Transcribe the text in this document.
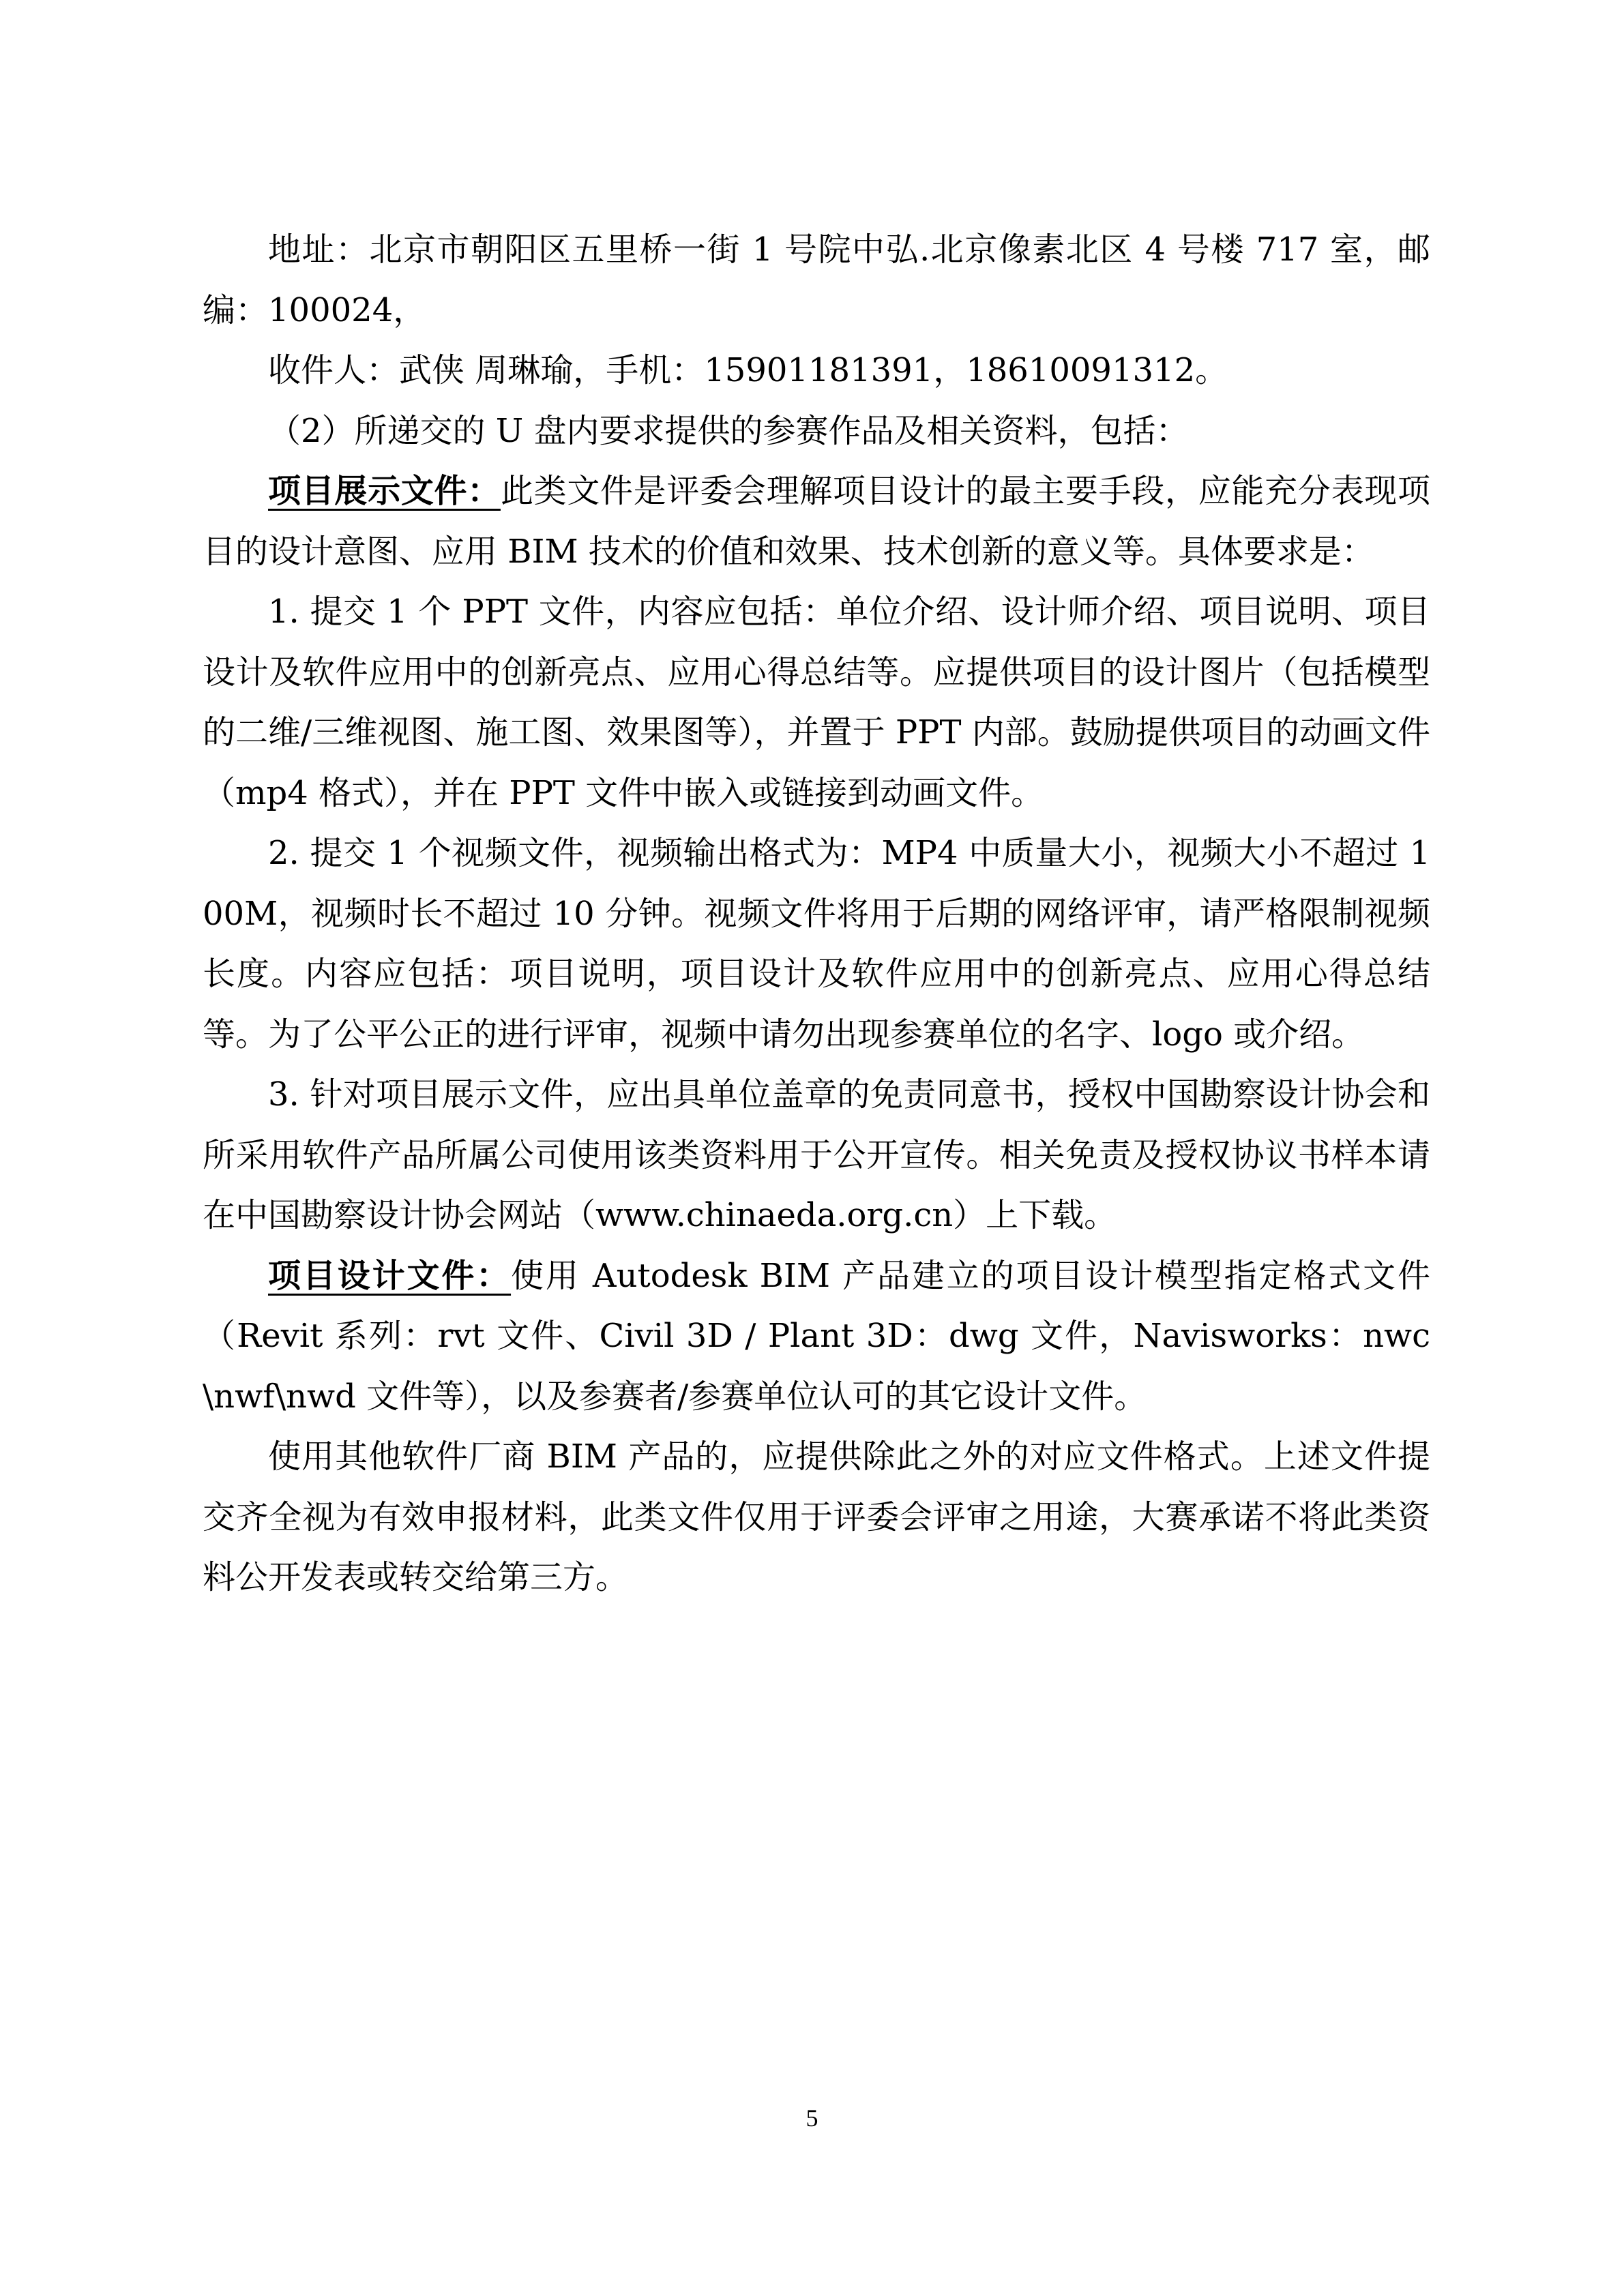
地址：北京市朝阳区五里桥一街 1 号院中弘.北京像素北区 4 号楼 717 室，邮编：100024，

收件人：武侠 周琳瑜，手机：15901181391，18610091312。

（2）所递交的 U 盘内要求提供的参赛作品及相关资料，包括：

项目展示文件：此类文件是评委会理解项目设计的最主要手段，应能充分表现项目的设计意图、应用 BIM 技术的价值和效果、技术创新的意义等。具体要求是：

1. 提交 1 个 PPT 文件，内容应包括：单位介绍、设计师介绍、项目说明、项目设计及软件应用中的创新亮点、应用心得总结等。应提供项目的设计图片（包括模型的二维/三维视图、施工图、效果图等），并置于 PPT 内部。鼓励提供项目的动画文件（mp4 格式），并在 PPT 文件中嵌入或链接到动画文件。

2. 提交 1 个视频文件，视频输出格式为：MP4 中质量大小，视频大小不超过 100M，视频时长不超过 10 分钟。视频文件将用于后期的网络评审，请严格限制视频长度。内容应包括：项目说明，项目设计及软件应用中的创新亮点、应用心得总结等。为了公平公正的进行评审，视频中请勿出现参赛单位的名字、logo 或介绍。

3. 针对项目展示文件，应出具单位盖章的免责同意书，授权中国勘察设计协会和所采用软件产品所属公司使用该类资料用于公开宣传。相关免责及授权协议书样本请在中国勘察设计协会网站（www.chinaeda.org.cn）上下载。

项目设计文件：使用 Autodesk BIM 产品建立的项目设计模型指定格式文件（Revit 系列：rvt 文件、Civil 3D / Plant 3D：dwg 文件，Navisworks：nwc\nwf\nwd 文件等），以及参赛者/参赛单位认可的其它设计文件。

使用其他软件厂商 BIM 产品的，应提供除此之外的对应文件格式。上述文件提交齐全视为有效申报材料，此类文件仅用于评委会评审之用途，大赛承诺不将此类资料公开发表或转交给第三方。

5
